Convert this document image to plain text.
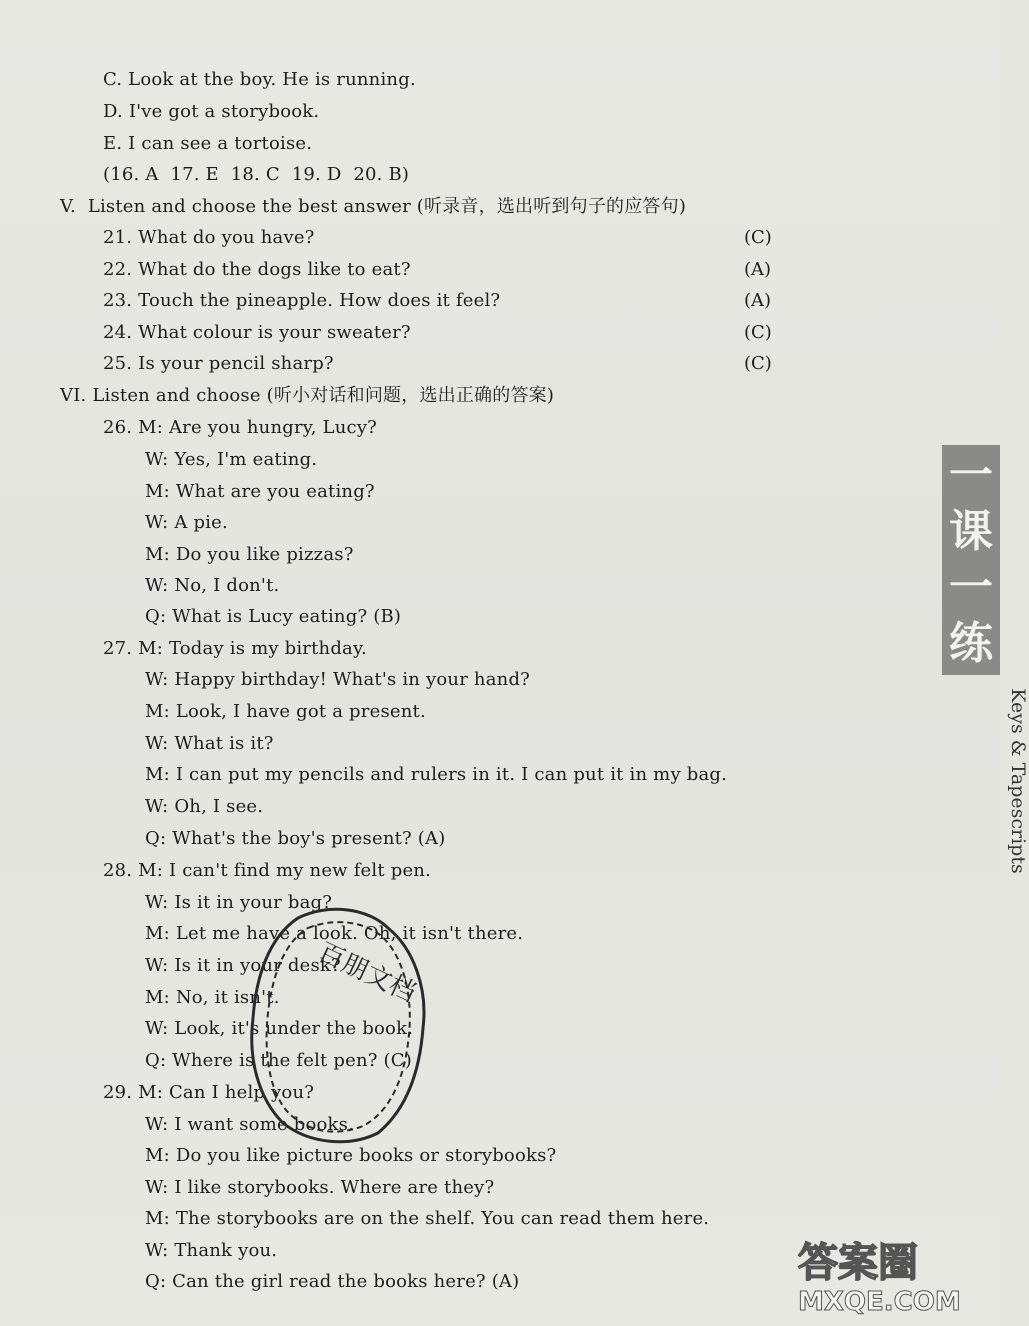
C. Look at the boy. He is running.
D. I've got a storybook.
E. I can see a tortoise.
(16. A  17. E  18. C  19. D  20. B)
V.  Listen and choose the best answer (听录音，选出听到句子的应答句)
21. What do you have?	(C)
22. What do the dogs like to eat?	(A)
23. Touch the pineapple. How does it feel?	(A)
24. What colour is your sweater?	(C)
25. Is your pencil sharp?	(C)
VI. Listen and choose (听小对话和问题，选出正确的答案)
26. M: Are you hungry, Lucy?
W: Yes, I'm eating.
M: What are you eating?
W: A pie.
M: Do you like pizzas?
W: No, I don't.
Q: What is Lucy eating? (B)
27. M: Today is my birthday.
W: Happy birthday! What's in your hand?
M: Look, I have got a present.
W: What is it?
M: I can put my pencils and rulers in it. I can put it in my bag.
W: Oh, I see.
Q: What's the boy's present? (A)
28. M: I can't find my new felt pen.
W: Is it in your bag?
M: Let me have a look. Oh, it isn't there.
W: Is it in your desk?
M: No, it isn't.
W: Look, it's under the book.
Q: Where is the felt pen? (C)
29. M: Can I help you?
W: I want some books.
M: Do you like picture books or storybooks?
W: I like storybooks. Where are they?
M: The storybooks are on the shelf. You can read them here.
W: Thank you.
Q: Can the girl read the books here? (A)
一
课
一
练
Keys & Tapescripts
百朋文档
答案圈
MXQE.COM
